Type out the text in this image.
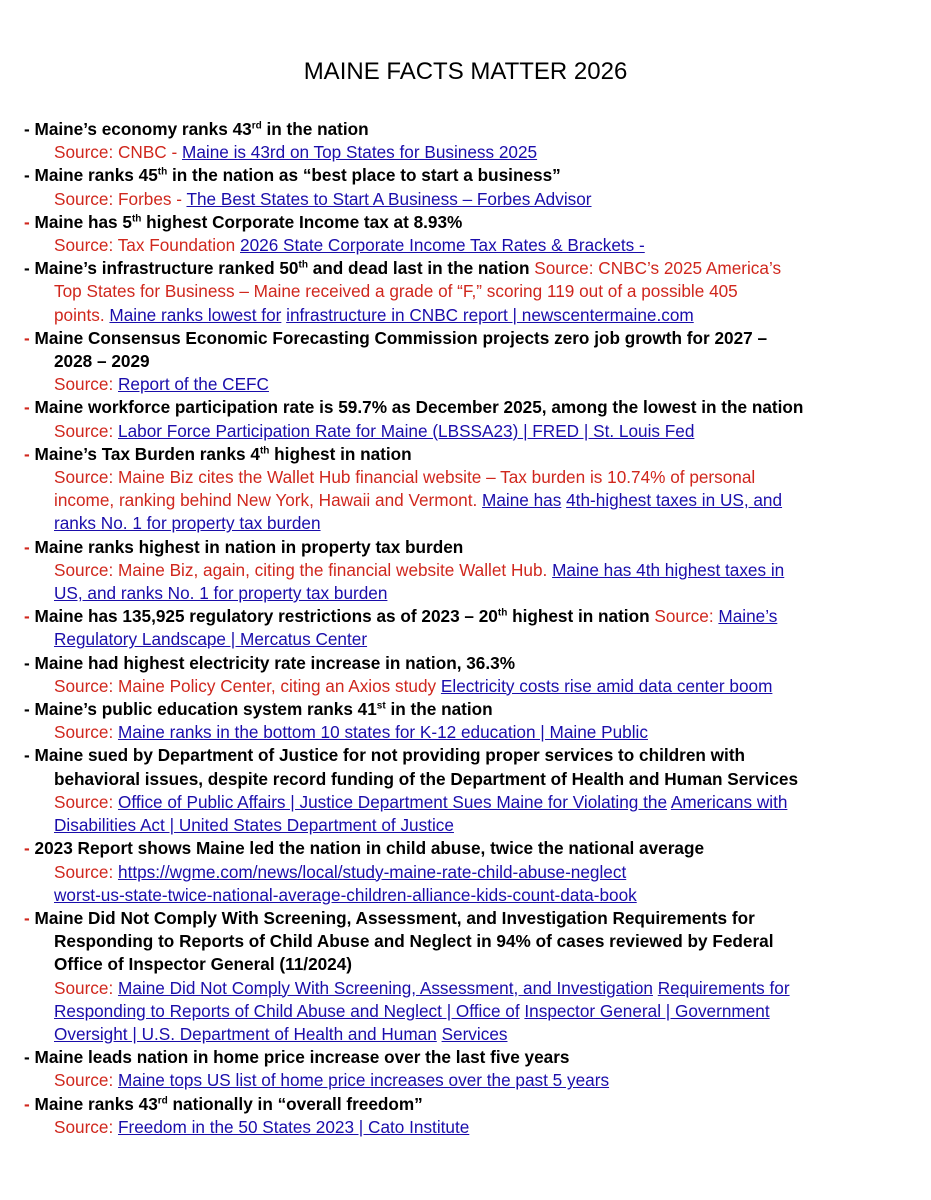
MAINE FACTS MATTER 2026
- Maine’s economy ranks 43rd in the nation
Source: CNBC - Maine is 43rd on Top States for Business 2025
- Maine ranks 45th in the nation as “best place to start a business”
Source: Forbes - The Best States to Start A Business – Forbes Advisor
- Maine has 5th highest Corporate Income tax at 8.93%
Source: Tax Foundation 2026 State Corporate Income Tax Rates & Brackets -
- Maine’s infrastructure ranked 50th and dead last in the nation Source: CNBC’s 2025 America’s
Top States for Business – Maine received a grade of “F,” scoring 119 out of a possible 405
points. Maine ranks lowest for infrastructure in CNBC report | newscentermaine.com
- Maine Consensus Economic Forecasting Commission projects zero job growth for 2027 –
2028 – 2029
Source: Report of the CEFC
- Maine workforce participation rate is 59.7% as December 2025, among the lowest in the nation
Source: Labor Force Participation Rate for Maine (LBSSA23) | FRED | St. Louis Fed
- Maine’s Tax Burden ranks 4th highest in nation
Source: Maine Biz cites the Wallet Hub financial website – Tax burden is 10.74% of personal
income, ranking behind New York, Hawaii and Vermont. Maine has 4th-highest taxes in US, and
ranks No. 1 for property tax burden
- Maine ranks highest in nation in property tax burden
Source: Maine Biz, again, citing the financial website Wallet Hub. Maine has 4th highest taxes in
US, and ranks No. 1 for property tax burden
- Maine has 135,925 regulatory restrictions as of 2023 – 20th highest in nation Source: Maine’s
Regulatory Landscape | Mercatus Center
- Maine had highest electricity rate increase in nation, 36.3%
Source: Maine Policy Center, citing an Axios study Electricity costs rise amid data center boom
- Maine’s public education system ranks 41st in the nation
Source: Maine ranks in the bottom 10 states for K-12 education | Maine Public
- Maine sued by Department of Justice for not providing proper services to children with
behavioral issues, despite record funding of the Department of Health and Human Services
Source: Office of Public Affairs | Justice Department Sues Maine for Violating the Americans with
Disabilities Act | United States Department of Justice
- 2023 Report shows Maine led the nation in child abuse, twice the national average
Source: https://wgme.com/news/local/study-maine-rate-child-abuse-neglect
worst-us-state-twice-national-average-children-alliance-kids-count-data-book
- Maine Did Not Comply With Screening, Assessment, and Investigation Requirements for
Responding to Reports of Child Abuse and Neglect in 94% of cases reviewed by Federal
Office of Inspector General (11/2024)
Source: Maine Did Not Comply With Screening, Assessment, and Investigation Requirements for
Responding to Reports of Child Abuse and Neglect | Office of Inspector General | Government
Oversight | U.S. Department of Health and Human Services
- Maine leads nation in home price increase over the last five years
Source: Maine tops US list of home price increases over the past 5 years
- Maine ranks 43rd nationally in “overall freedom”
Source: Freedom in the 50 States 2023 | Cato Institute
